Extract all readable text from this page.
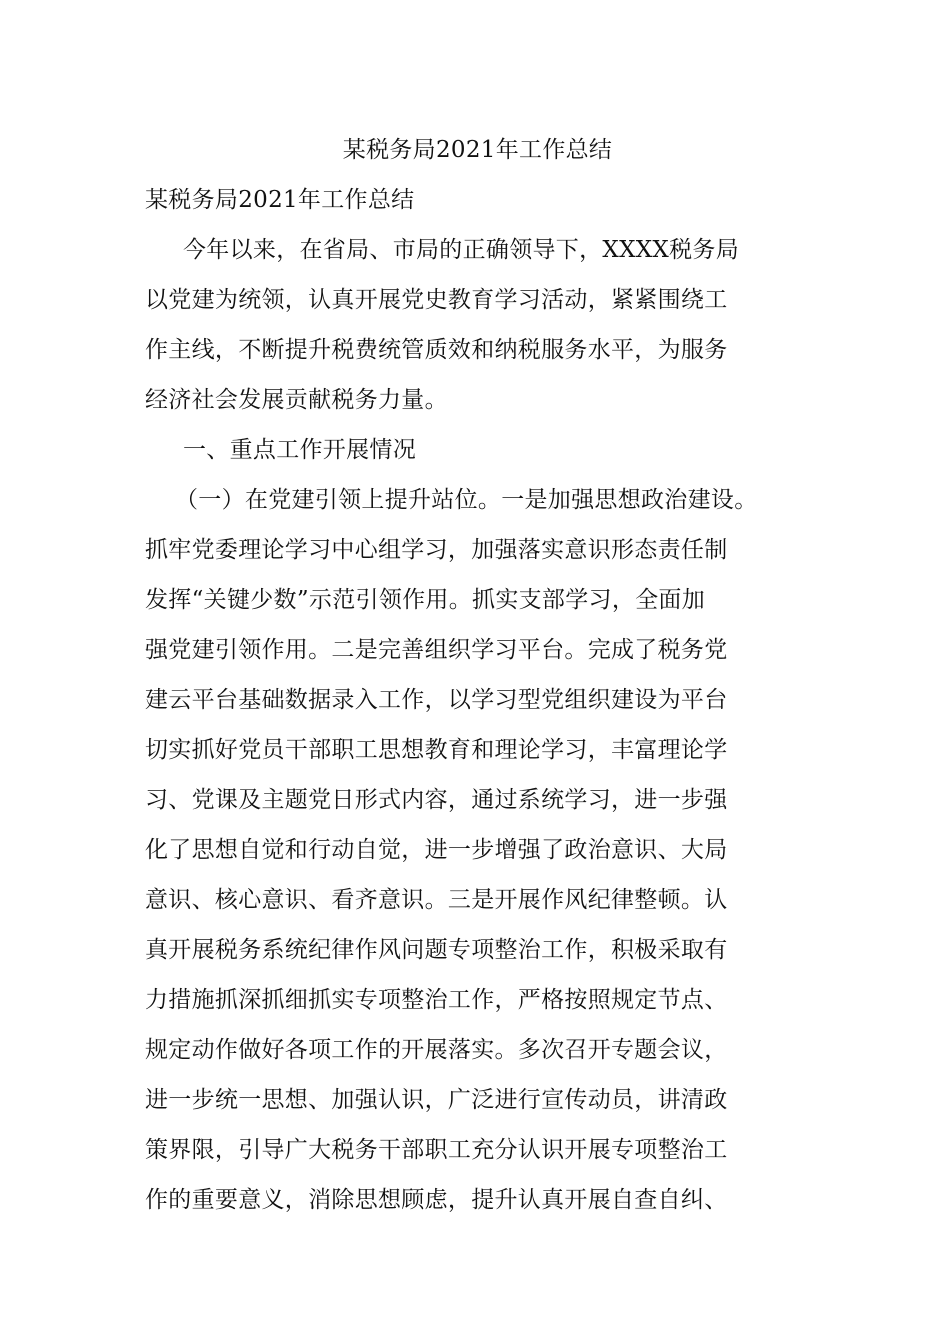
某税务局2021年工作总结
某税务局2021年工作总结
今年以来，在省局、市局的正确领导下，XXXX税务局
以党建为统领，认真开展党史教育学习活动，紧紧围绕工
作主线，不断提升税费统管质效和纳税服务水平，为服务
经济社会发展贡献税务力量。
一、重点工作开展情况
（一）在党建引领上提升站位。一是加强思想政治建设。
抓牢党委理论学习中心组学习，加强落实意识形态责任制
发挥“关键少数”示范引领作用。抓实支部学习，全面加
强党建引领作用。二是完善组织学习平台。完成了税务党
建云平台基础数据录入工作，以学习型党组织建设为平台
切实抓好党员干部职工思想教育和理论学习，丰富理论学
习、党课及主题党日形式内容，通过系统学习，进一步强
化了思想自觉和行动自觉，进一步增强了政治意识、大局
意识、核心意识、看齐意识。三是开展作风纪律整顿。认
真开展税务系统纪律作风问题专项整治工作，积极采取有
力措施抓深抓细抓实专项整治工作，严格按照规定节点、
规定动作做好各项工作的开展落实。多次召开专题会议，
进一步统一思想、加强认识，广泛进行宣传动员，讲清政
策界限，引导广大税务干部职工充分认识开展专项整治工
作的重要意义，消除思想顾虑，提升认真开展自查自纠、
